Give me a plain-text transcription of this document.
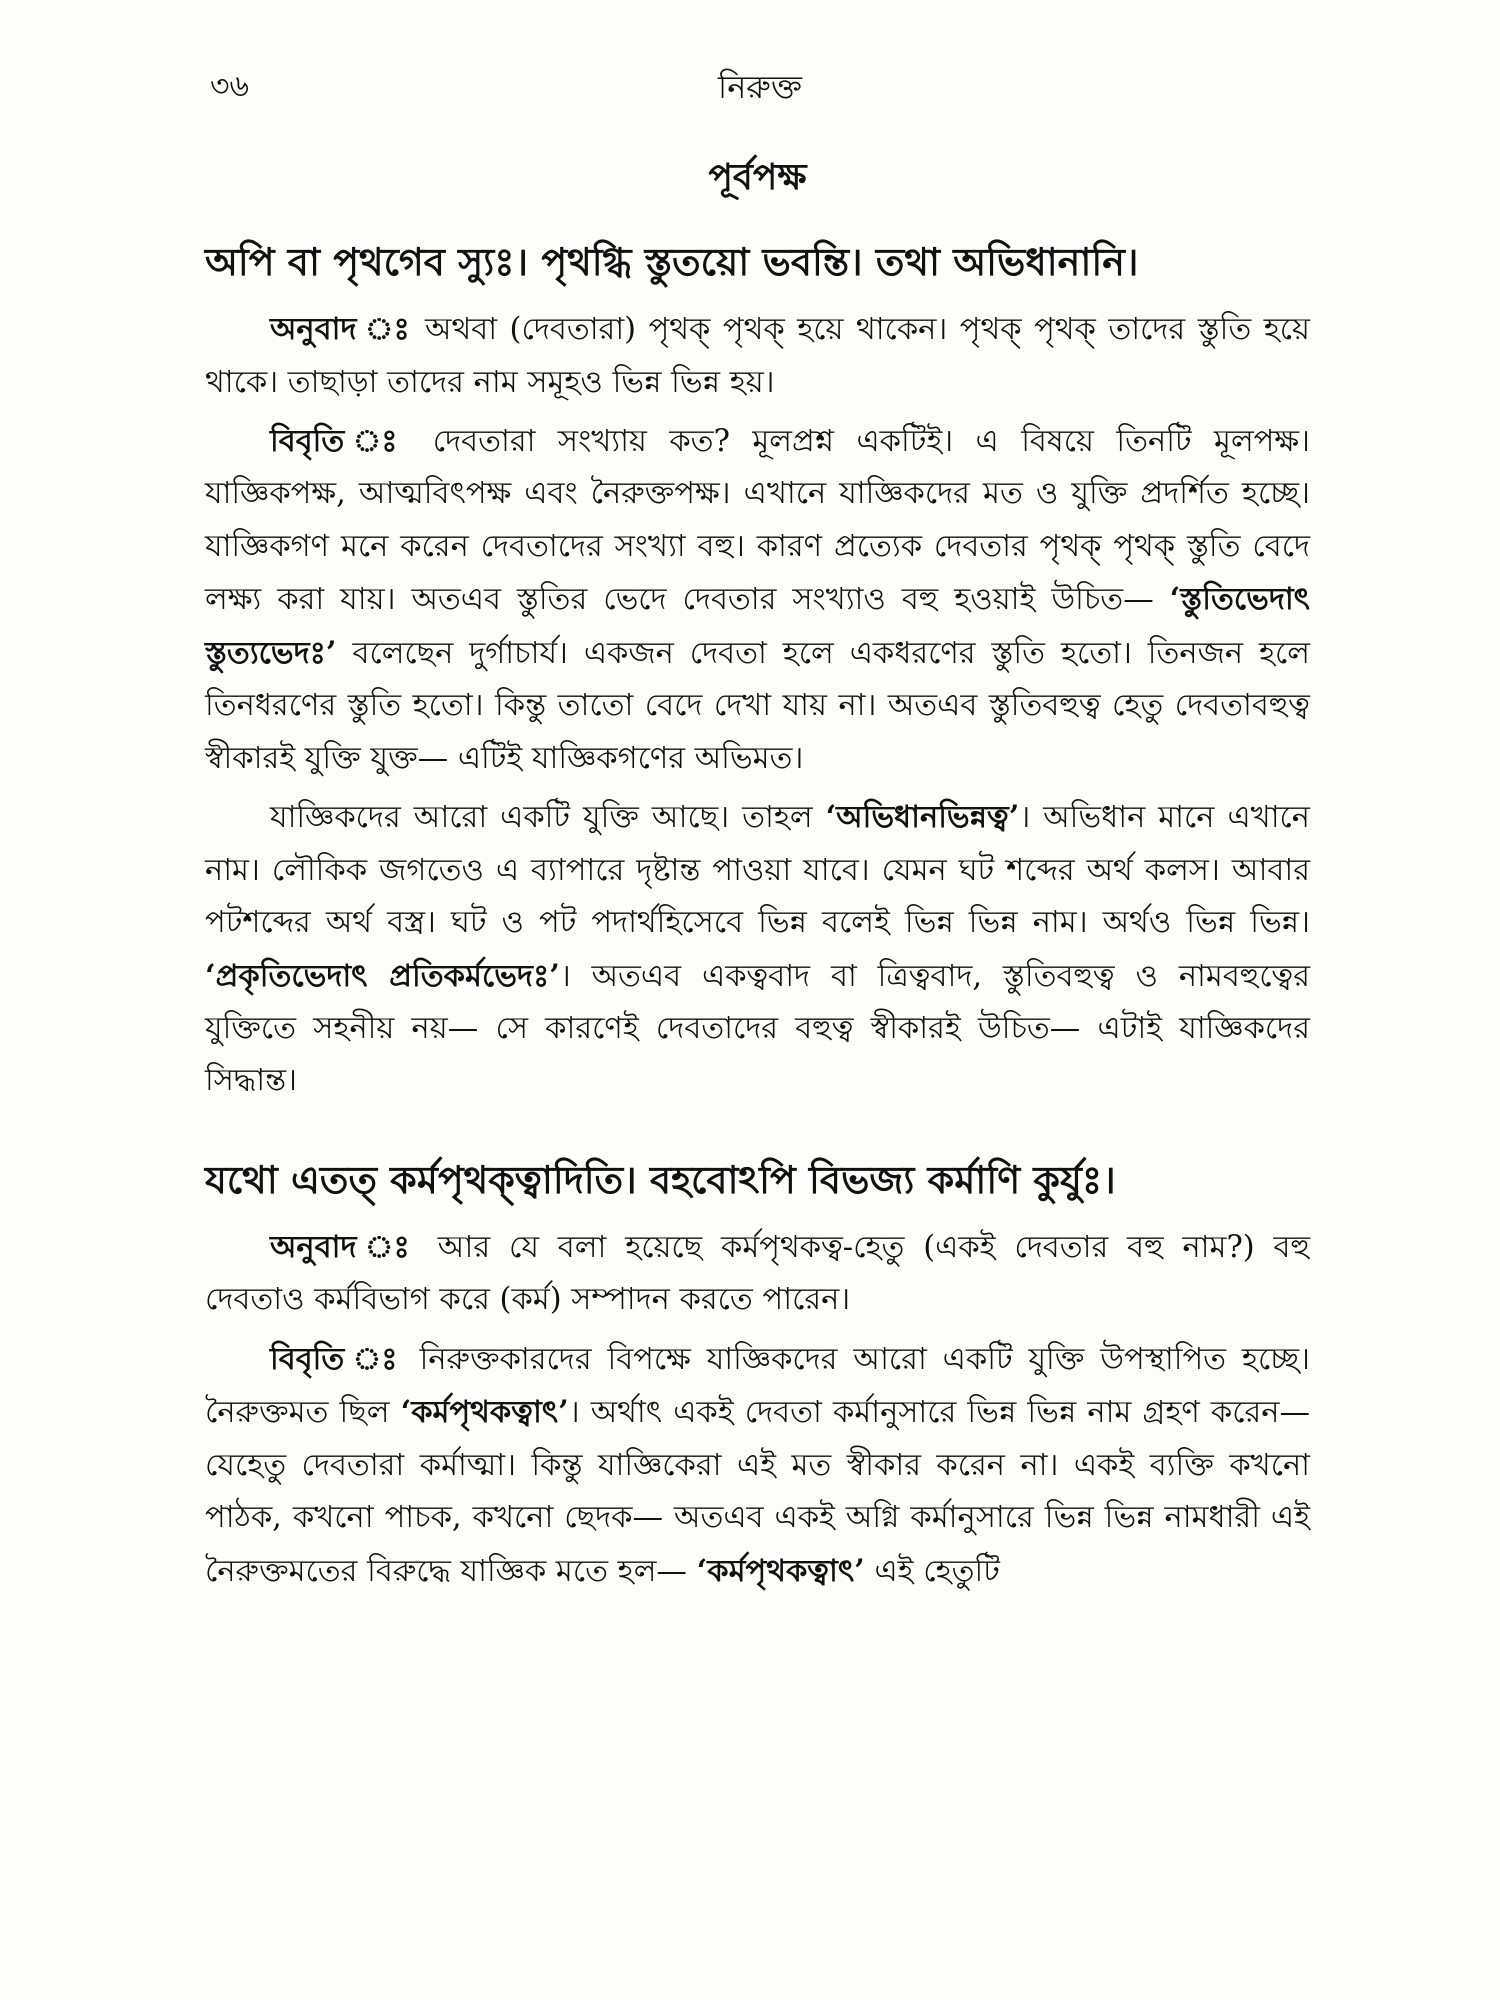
৩৬	নিরুক্ত
পূর্বপক্ষ
অপি বা পৃথগেব স্যুঃ। পৃথগ্ধি স্তুতয়ো ভবন্তি। তথা অভিধানানি।

অনুবাদ ঃ অথবা (দেবতারা) পৃথক্ পৃথক্ হয়ে থাকেন। পৃথক্ পৃথক্ তাদের স্তুতি হয়ে থাকে। তাছাড়া তাদের নাম সমূহও ভিন্ন ভিন্ন হয়।

বিবৃতি ঃ দেবতারা সংখ্যায় কত? মূলপ্রশ্ন একটিই। এ বিষয়ে তিনটি মূলপক্ষ। যাজ্ঞিকপক্ষ, আত্মবিৎপক্ষ এবং নৈরুক্তপক্ষ। এখানে যাজ্ঞিকদের মত ও যুক্তি প্রদর্শিত হচ্ছে। যাজ্ঞিকগণ মনে করেন দেবতাদের সংখ্যা বহু। কারণ প্রত্যেক দেবতার পৃথক্ পৃথক্ স্তুতি বেদে লক্ষ্য করা যায়। অতএব স্তুতির ভেদে দেবতার সংখ্যাও বহু হওয়াই উচিত— ‘স্তুতিভেদাৎ স্তুত্যভেদঃ’ বলেছেন দুর্গাচার্য। একজন দেবতা হলে একধরণের স্তুতি হতো। তিনজন হলে তিনধরণের স্তুতি হতো। কিন্তু তাতো বেদে দেখা যায় না। অতএব স্তুতিবহুত্ব হেতু দেবতাবহুত্ব স্বীকারই যুক্তি যুক্ত— এটিই যাজ্ঞিকগণের অভিমত।

যাজ্ঞিকদের আরো একটি যুক্তি আছে। তাহল ‘অভিধানভিন্নত্ব’। অভিধান মানে এখানে নাম। লৌকিক জগতেও এ ব্যাপারে দৃষ্টান্ত পাওয়া যাবে। যেমন ঘট শব্দের অর্থ কলস। আবার পটশব্দের অর্থ বস্ত্র। ঘট ও পট পদার্থহিসেবে ভিন্ন বলেই ভিন্ন ভিন্ন নাম। অর্থও ভিন্ন ভিন্ন। ‘প্রকৃতিভেদাৎ প্রতিকর্মভেদঃ’। অতএব একত্ববাদ বা ত্রিত্ববাদ, স্তুতিবহুত্ব ও নামবহুত্বের যুক্তিতে সহনীয় নয়— সে কারণেই দেবতাদের বহুত্ব স্বীকারই উচিত— এটাই যাজ্ঞিকদের সিদ্ধান্ত।

যথো এতত্ কর্মপৃথক্ত্বাদিতি। বহবোঽপি বিভজ্য কর্মাণি কুর্যুঃ।

অনুবাদ ঃ আর যে বলা হয়েছে কর্মপৃথকত্ব-হেতু (একই দেবতার বহু নাম?) বহু দেবতাও কর্মবিভাগ করে (কর্ম) সম্পাদন করতে পারেন।

বিবৃতি ঃ নিরুক্তকারদের বিপক্ষে যাজ্ঞিকদের আরো একটি যুক্তি উপস্থাপিত হচ্ছে। নৈরুক্তমত ছিল ‘কর্মপৃথকত্বাৎ’। অর্থাৎ একই দেবতা কর্মানুসারে ভিন্ন ভিন্ন নাম গ্রহণ করেন— যেহেতু দেবতারা কর্মাত্মা। কিন্তু যাজ্ঞিকেরা এই মত স্বীকার করেন না। একই ব্যক্তি কখনো পাঠক, কখনো পাচক, কখনো ছেদক— অতএব একই অগ্নি কর্মানুসারে ভিন্ন ভিন্ন নামধারী এই নৈরুক্তমতের বিরুদ্ধে যাজ্ঞিক মতে হল— ‘কর্মপৃথকত্বাৎ’ এই হেতুটি
